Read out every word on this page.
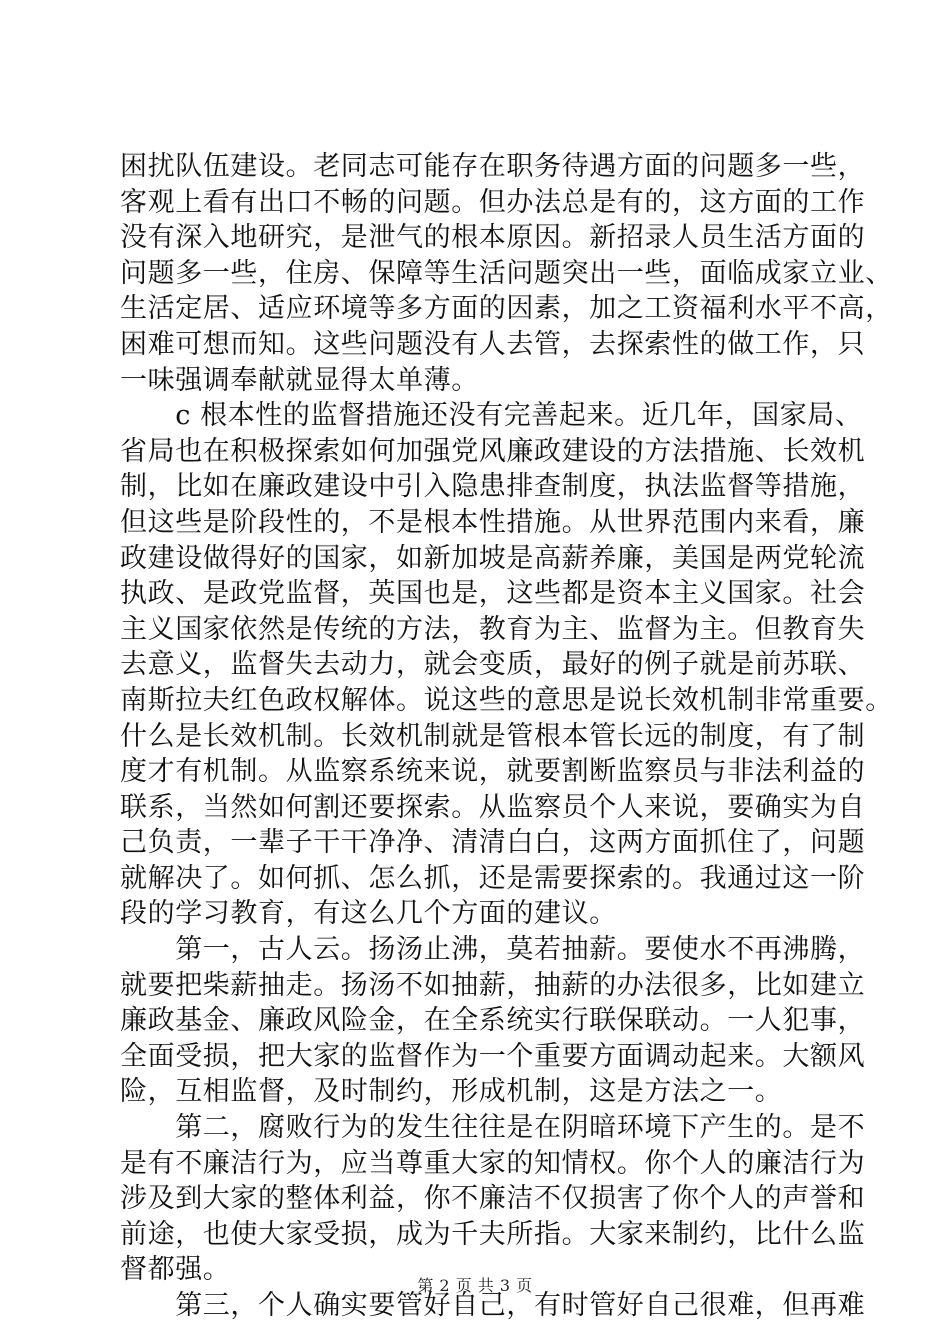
困扰队伍建设。老同志可能存在职务待遇方面的问题多一些，
客观上看有出口不畅的问题。但办法总是有的，这方面的工作
没有深入地研究，是泄气的根本原因。新招录人员生活方面的
问题多一些，住房、保障等生活问题突出一些，面临成家立业、
生活定居、适应环境等多方面的因素，加之工资福利水平不高，
困难可想而知。这些问题没有人去管，去探索性的做工作，只
一味强调奉献就显得太单薄。
　　c 根本性的监督措施还没有完善起来。近几年，国家局、
省局也在积极探索如何加强党风廉政建设的方法措施、长效机
制，比如在廉政建设中引入隐患排查制度，执法监督等措施，
但这些是阶段性的，不是根本性措施。从世界范围内来看，廉
政建设做得好的国家，如新加坡是高薪养廉，美国是两党轮流
执政、是政党监督，英国也是，这些都是资本主义国家。社会
主义国家依然是传统的方法，教育为主、监督为主。但教育失
去意义，监督失去动力，就会变质，最好的例子就是前苏联、
南斯拉夫红色政权解体。说这些的意思是说长效机制非常重要。
什么是长效机制。长效机制就是管根本管长远的制度，有了制
度才有机制。从监察系统来说，就要割断监察员与非法利益的
联系，当然如何割还要探索。从监察员个人来说，要确实为自
己负责，一辈子干干净净、清清白白，这两方面抓住了，问题
就解决了。如何抓、怎么抓，还是需要探索的。我通过这一阶
段的学习教育，有这么几个方面的建议。
　　第一，古人云。扬汤止沸，莫若抽薪。要使水不再沸腾，
就要把柴薪抽走。扬汤不如抽薪，抽薪的办法很多，比如建立
廉政基金、廉政风险金，在全系统实行联保联动。一人犯事，
全面受损，把大家的监督作为一个重要方面调动起来。大额风
险，互相监督，及时制约，形成机制，这是方法之一。
　　第二，腐败行为的发生往往是在阴暗环境下产生的。是不
是有不廉洁行为，应当尊重大家的知情权。你个人的廉洁行为
涉及到大家的整体利益，你不廉洁不仅损害了你个人的声誉和
前途，也使大家受损，成为千夫所指。大家来制约，比什么监
督都强。
　　第三，个人确实要管好自己，有时管好自己很难，但再难
第 2 页 共 3 页
